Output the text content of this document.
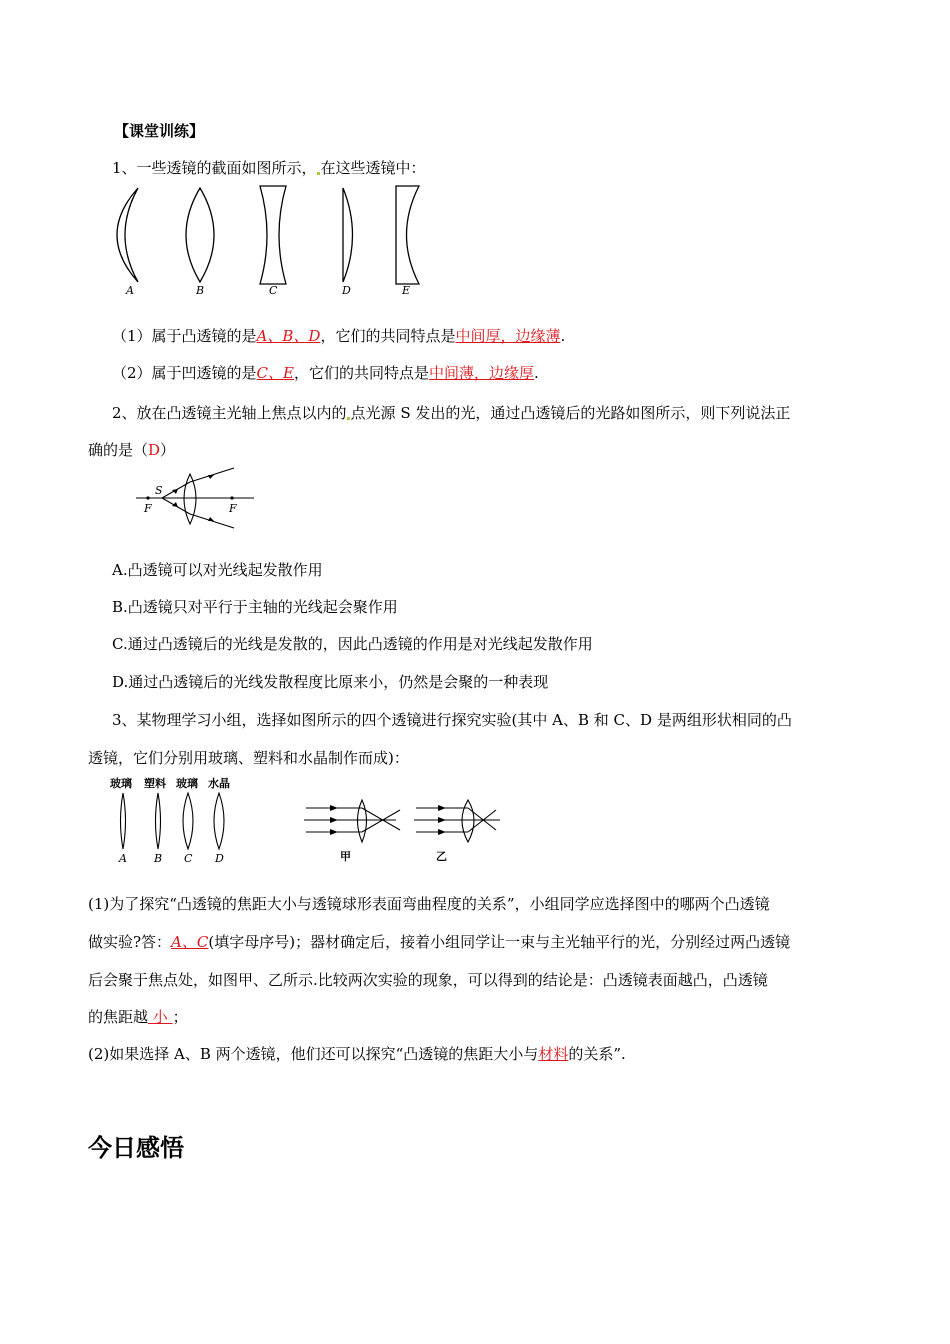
【课堂训练】
1、一些透镜的截面如图所示， 在这些透镜中：
A	B	C	D	E
（1）属于凸透镜的是A、B、D，它们的共同特点是中间厚，边缘薄.
（2）属于凹透镜的是C、E，它们的共同特点是中间薄，边缘厚.
2、放在凸透镜主光轴上焦点以内的 点光源 S 发出的光，通过凸透镜后的光路如图所示，则下列说法正
确的是（D）
S
F	F
A.凸透镜可以对光线起发散作用
B.凸透镜只对平行于主轴的光线起会聚作用
C.通过凸透镜后的光线是发散的，因此凸透镜的作用是对光线起发散作用
D.通过凸透镜后的光线发散程度比原来小，仍然是会聚的一种表现
3、某物理学习小组，选择如图所示的四个透镜进行探究实验(其中 A、B 和 C、D 是两组形状相同的凸
透镜，它们分别用玻璃、塑料和水晶制作而成)：
玻璃 塑料 玻璃 水晶
A B C D	甲	乙
(1)为了探究“凸透镜的焦距大小与透镜球形表面弯曲程度的关系”，小组同学应选择图中的哪两个凸透镜
做实验?答：A、C(填字母序号)；器材确定后，接着小组同学让一束与主光轴平行的光，分别经过两凸透镜
后会聚于焦点处，如图甲、乙所示.比较两次实验的现象，可以得到的结论是：凸透镜表面越凸，凸透镜
的焦距越 小 ；
(2)如果选择 A、B 两个透镜，他们还可以探究“凸透镜的焦距大小与材料的关系”.
今日感悟
